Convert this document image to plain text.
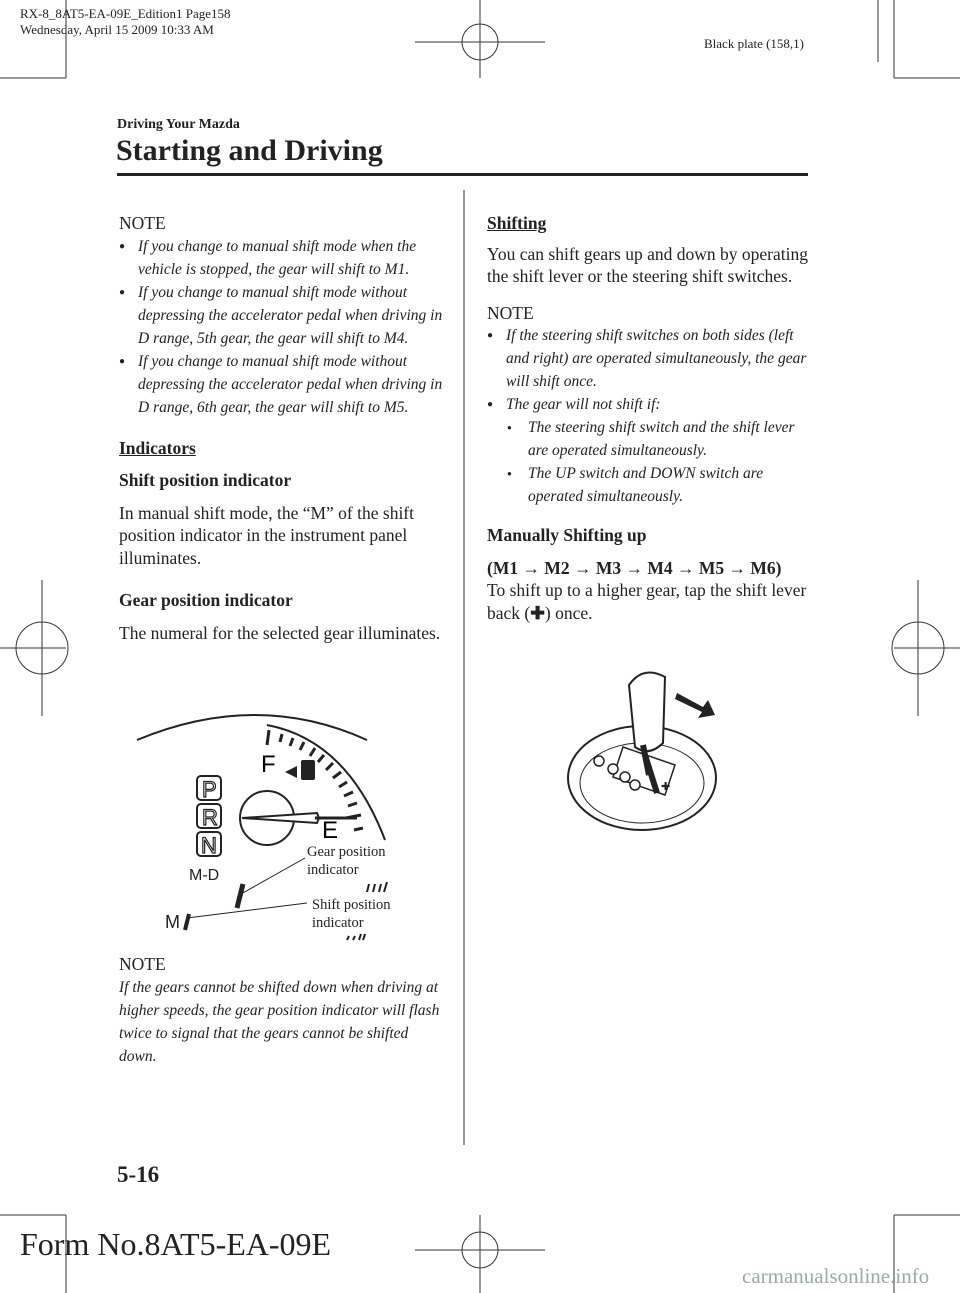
RX-8_8AT5-EA-09E_Edition1 Page158
Wednesday, April 15 2009 10:33 AM
Black plate (158,1)
Driving Your Mazda
Starting and Driving

NOTE

● If you change to manual shift mode when the vehicle is stopped, the gear will shift to M1.
● If you change to manual shift mode without depressing the accelerator pedal when driving in D range, 5th gear, the gear will shift to M4.
● If you change to manual shift mode without depressing the accelerator pedal when driving in D range, 6th gear, the gear will shift to M5.

Indicators

Shift position indicator

In manual shift mode, the “M” of the shift position indicator in the instrument panel illuminates.

Gear position indicator

The numeral for the selected gear illuminates.

F
E
P
R
N
M-D
M
Gear position
indicator
Shift position
indicator

NOTE

If the gears cannot be shifted down when driving at higher speeds, the gear position indicator will flash twice to signal that the gears cannot be shifted down.

Shifting

You can shift gears up and down by operating the shift lever or the steering shift switches.

NOTE

● If the steering shift switches on both sides (left and right) are operated simultaneously, the gear will shift once.
● The gear will not shift if:
● The steering shift switch and the shift lever are operated simultaneously.
● The UP switch and DOWN switch are operated simultaneously.

Manually Shifting up

(M1 → M2 → M3 → M4 → M5 → M6)

To shift up to a higher gear, tap the shift lever back (✚) once.

✚
5-16
Form No.8AT5-EA-09E
carmanualsonline.info
